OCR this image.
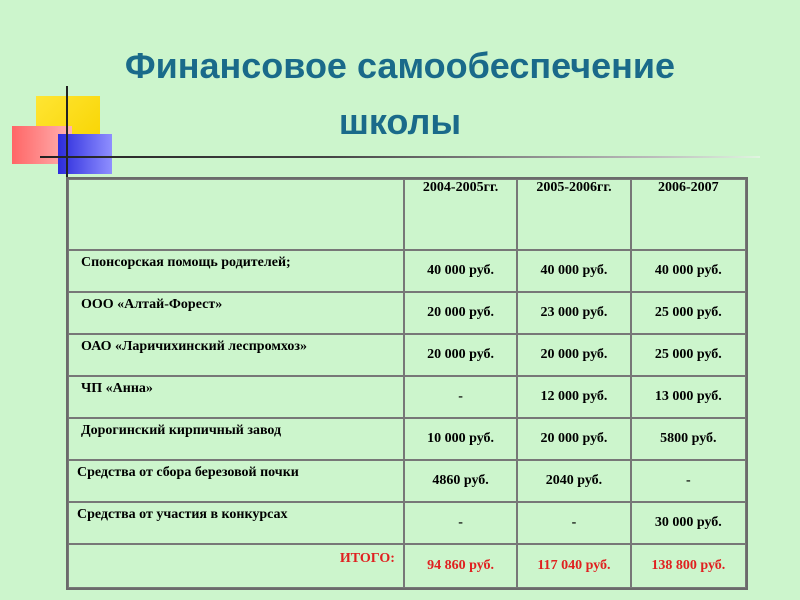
Финансовое самообеспечение
школы
	2004-2005гг.	2005-2006гг.	2006-2007
Спонсорская помощь родителей;	40 000 руб.	40 000 руб.	40 000 руб.
ООО «Алтай-Форест»	20 000 руб.	23 000 руб.	25 000 руб.
ОАО «Ларичихинский леспромхоз»	20 000 руб.	20 000 руб.	25 000 руб.
ЧП «Анна»	-	12 000 руб.	13 000 руб.
Дорогинский кирпичный завод	10 000 руб.	20 000 руб.	5800 руб.
Средства от сбора березовой почки	4860 руб.	2040 руб.	-
Средства от участия в конкурсах	-	-	30 000 руб.
ИТОГО:	94 860 руб.	117 040 руб.	138 800 руб.
